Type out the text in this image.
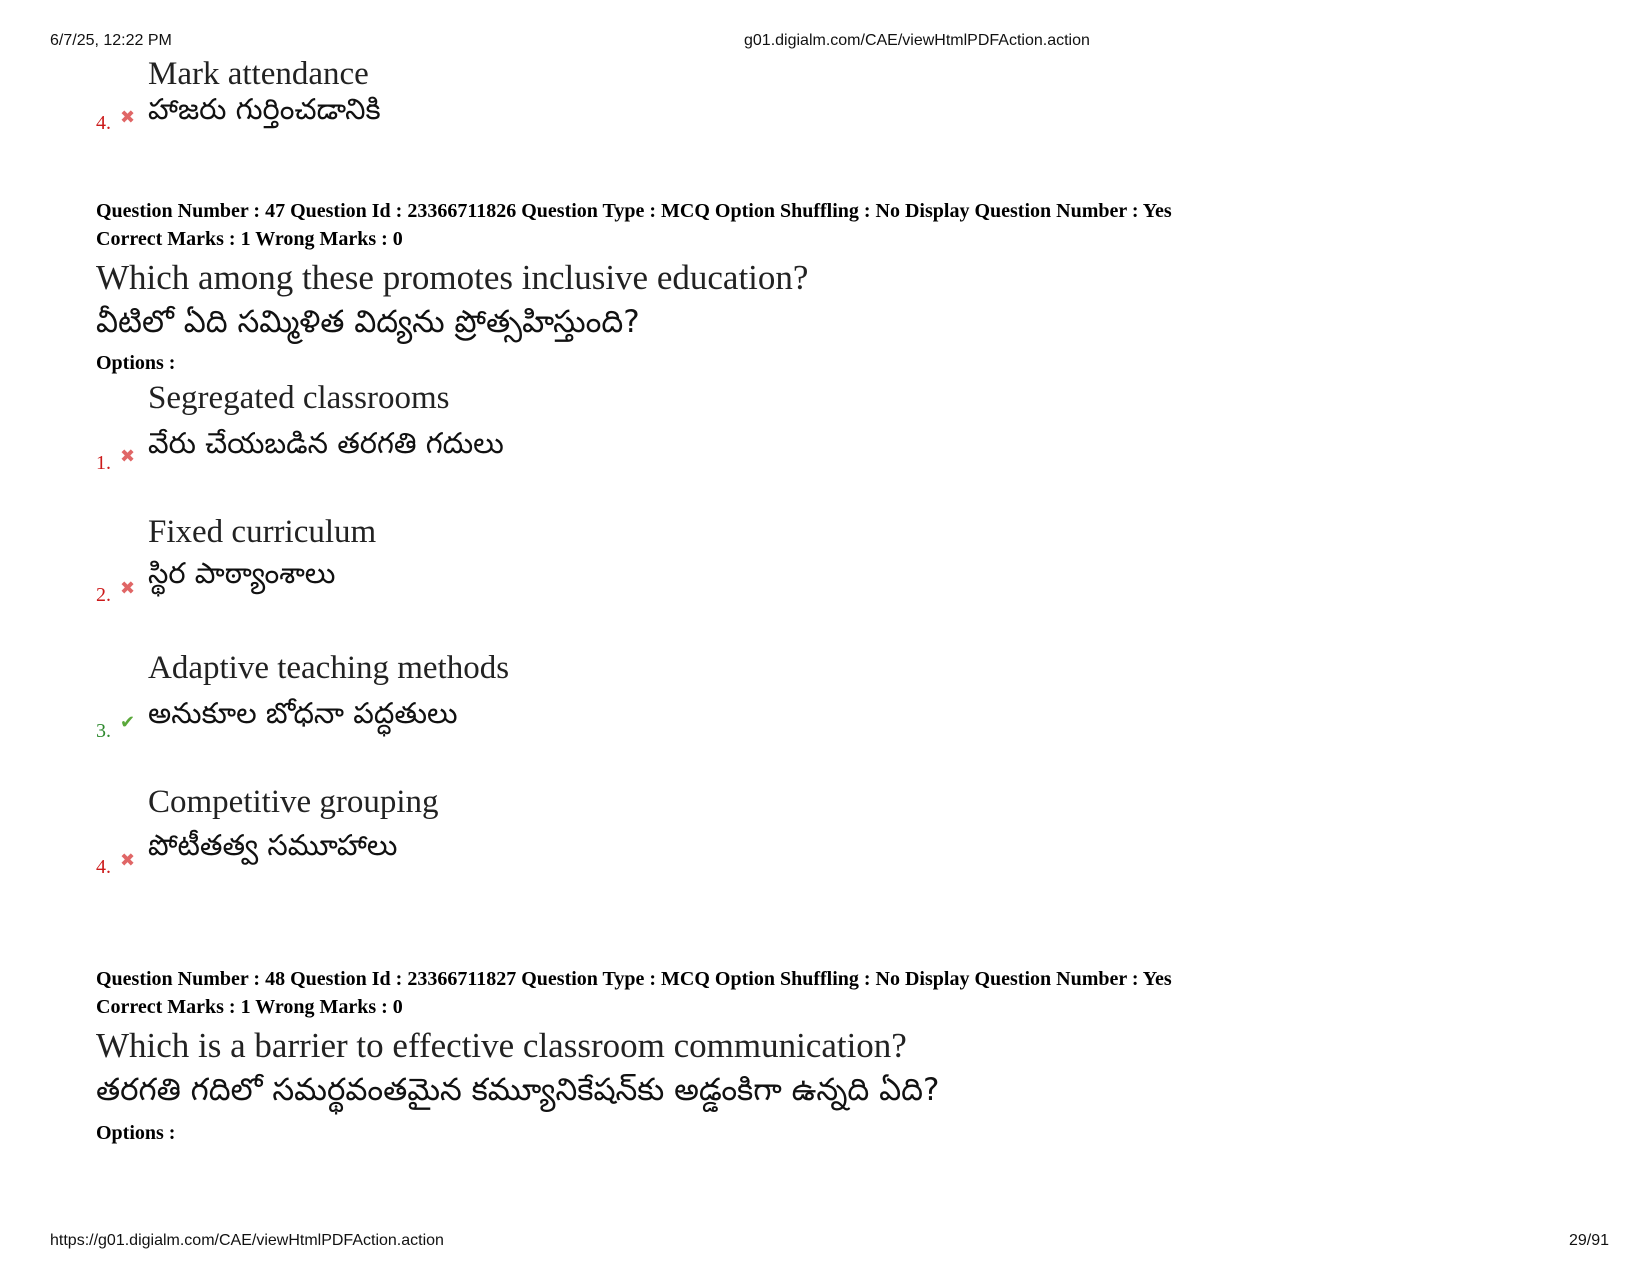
6/7/25, 12:22 PM	g01.digialm.com/CAE/viewHtmlPDFAction.action
Mark attendance
హాజరు గుర్తించడానికి
4. ✖
Question Number : 47 Question Id : 23366711826 Question Type : MCQ Option Shuffling : No Display Question Number : Yes
Correct Marks : 1 Wrong Marks : 0
Which among these promotes inclusive education?
వీటిలో ఏది సమ్మిళిత విద్యను ప్రోత్సహిస్తుంది?
Options :
Segregated classrooms
వేరు చేయబడిన తరగతి గదులు
1. ✖
Fixed curriculum
స్థిర పాఠ్యాంశాలు
2. ✖
Adaptive teaching methods
అనుకూల బోధనా పద్ధతులు
3. ✔
Competitive grouping
పోటీతత్వ సమూహాలు
4. ✖
Question Number : 48 Question Id : 23366711827 Question Type : MCQ Option Shuffling : No Display Question Number : Yes
Correct Marks : 1 Wrong Marks : 0
Which is a barrier to effective classroom communication?
తరగతి గదిలో సమర్థవంతమైన కమ్యూనికేషన్‌కు అడ్డంకిగా ఉన్నది ఏది?
Options :
https://g01.digialm.com/CAE/viewHtmlPDFAction.action	29/91
